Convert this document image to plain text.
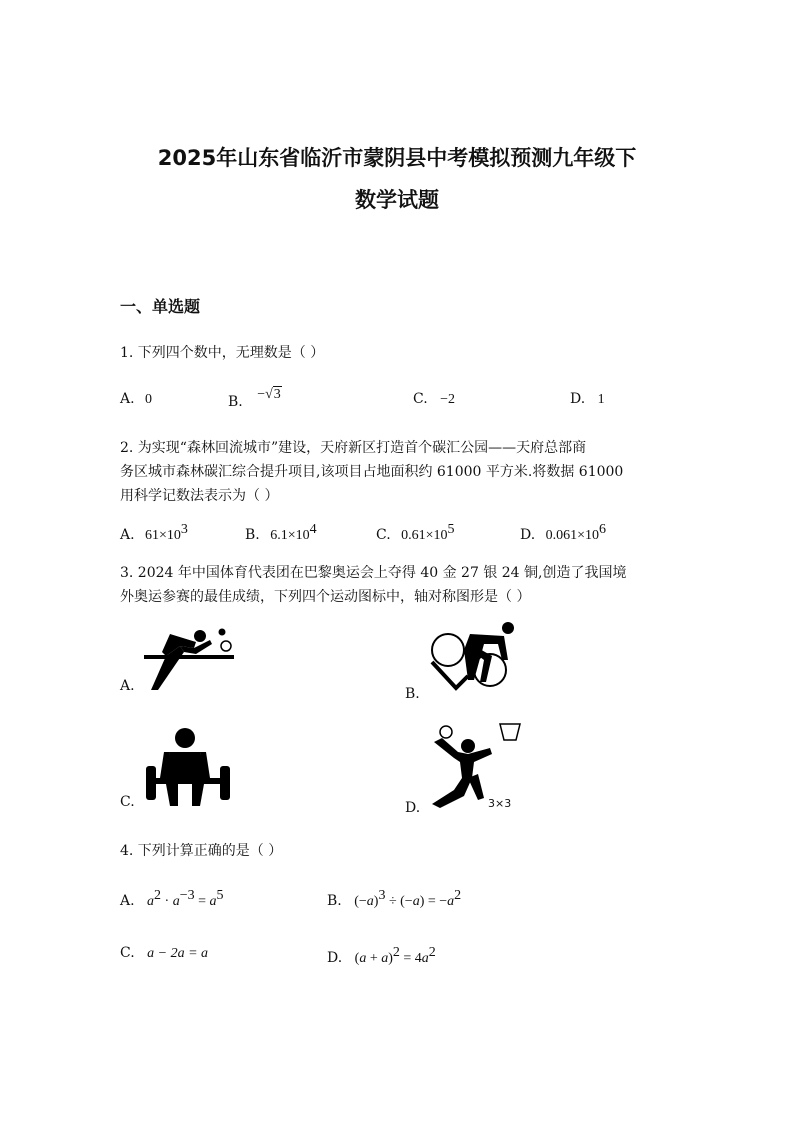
2025年山东省临沂市蒙阴县中考模拟预测九年级下
数学试题
一、单选题
1. 下列四个数中，无理数是（ ）
A. 0	B. −√3	C. −2	D. 1
2. 为实现“森林回流城市”建设，天府新区打造首个碳汇公园——天府总部商
务区城市森林碳汇综合提升项目,该项目占地面积约 61000 平方米.将数据 61000
用科学记数法表示为（ ）
A. $61\times 10^3$	B. $6.1\times 10^4$	C. $0.61\times 10^5$	D. $0.061\times 10^6$
3. 2024 年中国体育代表团在巴黎奥运会上夺得 40 金 27 银 24 铜,创造了我国境
外奥运参赛的最佳成绩，下列四个运动图标中，轴对称图形是（ ）
A.	B.
C.	D.	3×3
4. 下列计算正确的是（ ）
A. $a^2 \cdot a^{-3} = a^5$	B. $(-a)^3 \div (-a) = -a^2$
C. a − 2a = a	D. $(a + a)^2 = 4a^2$
